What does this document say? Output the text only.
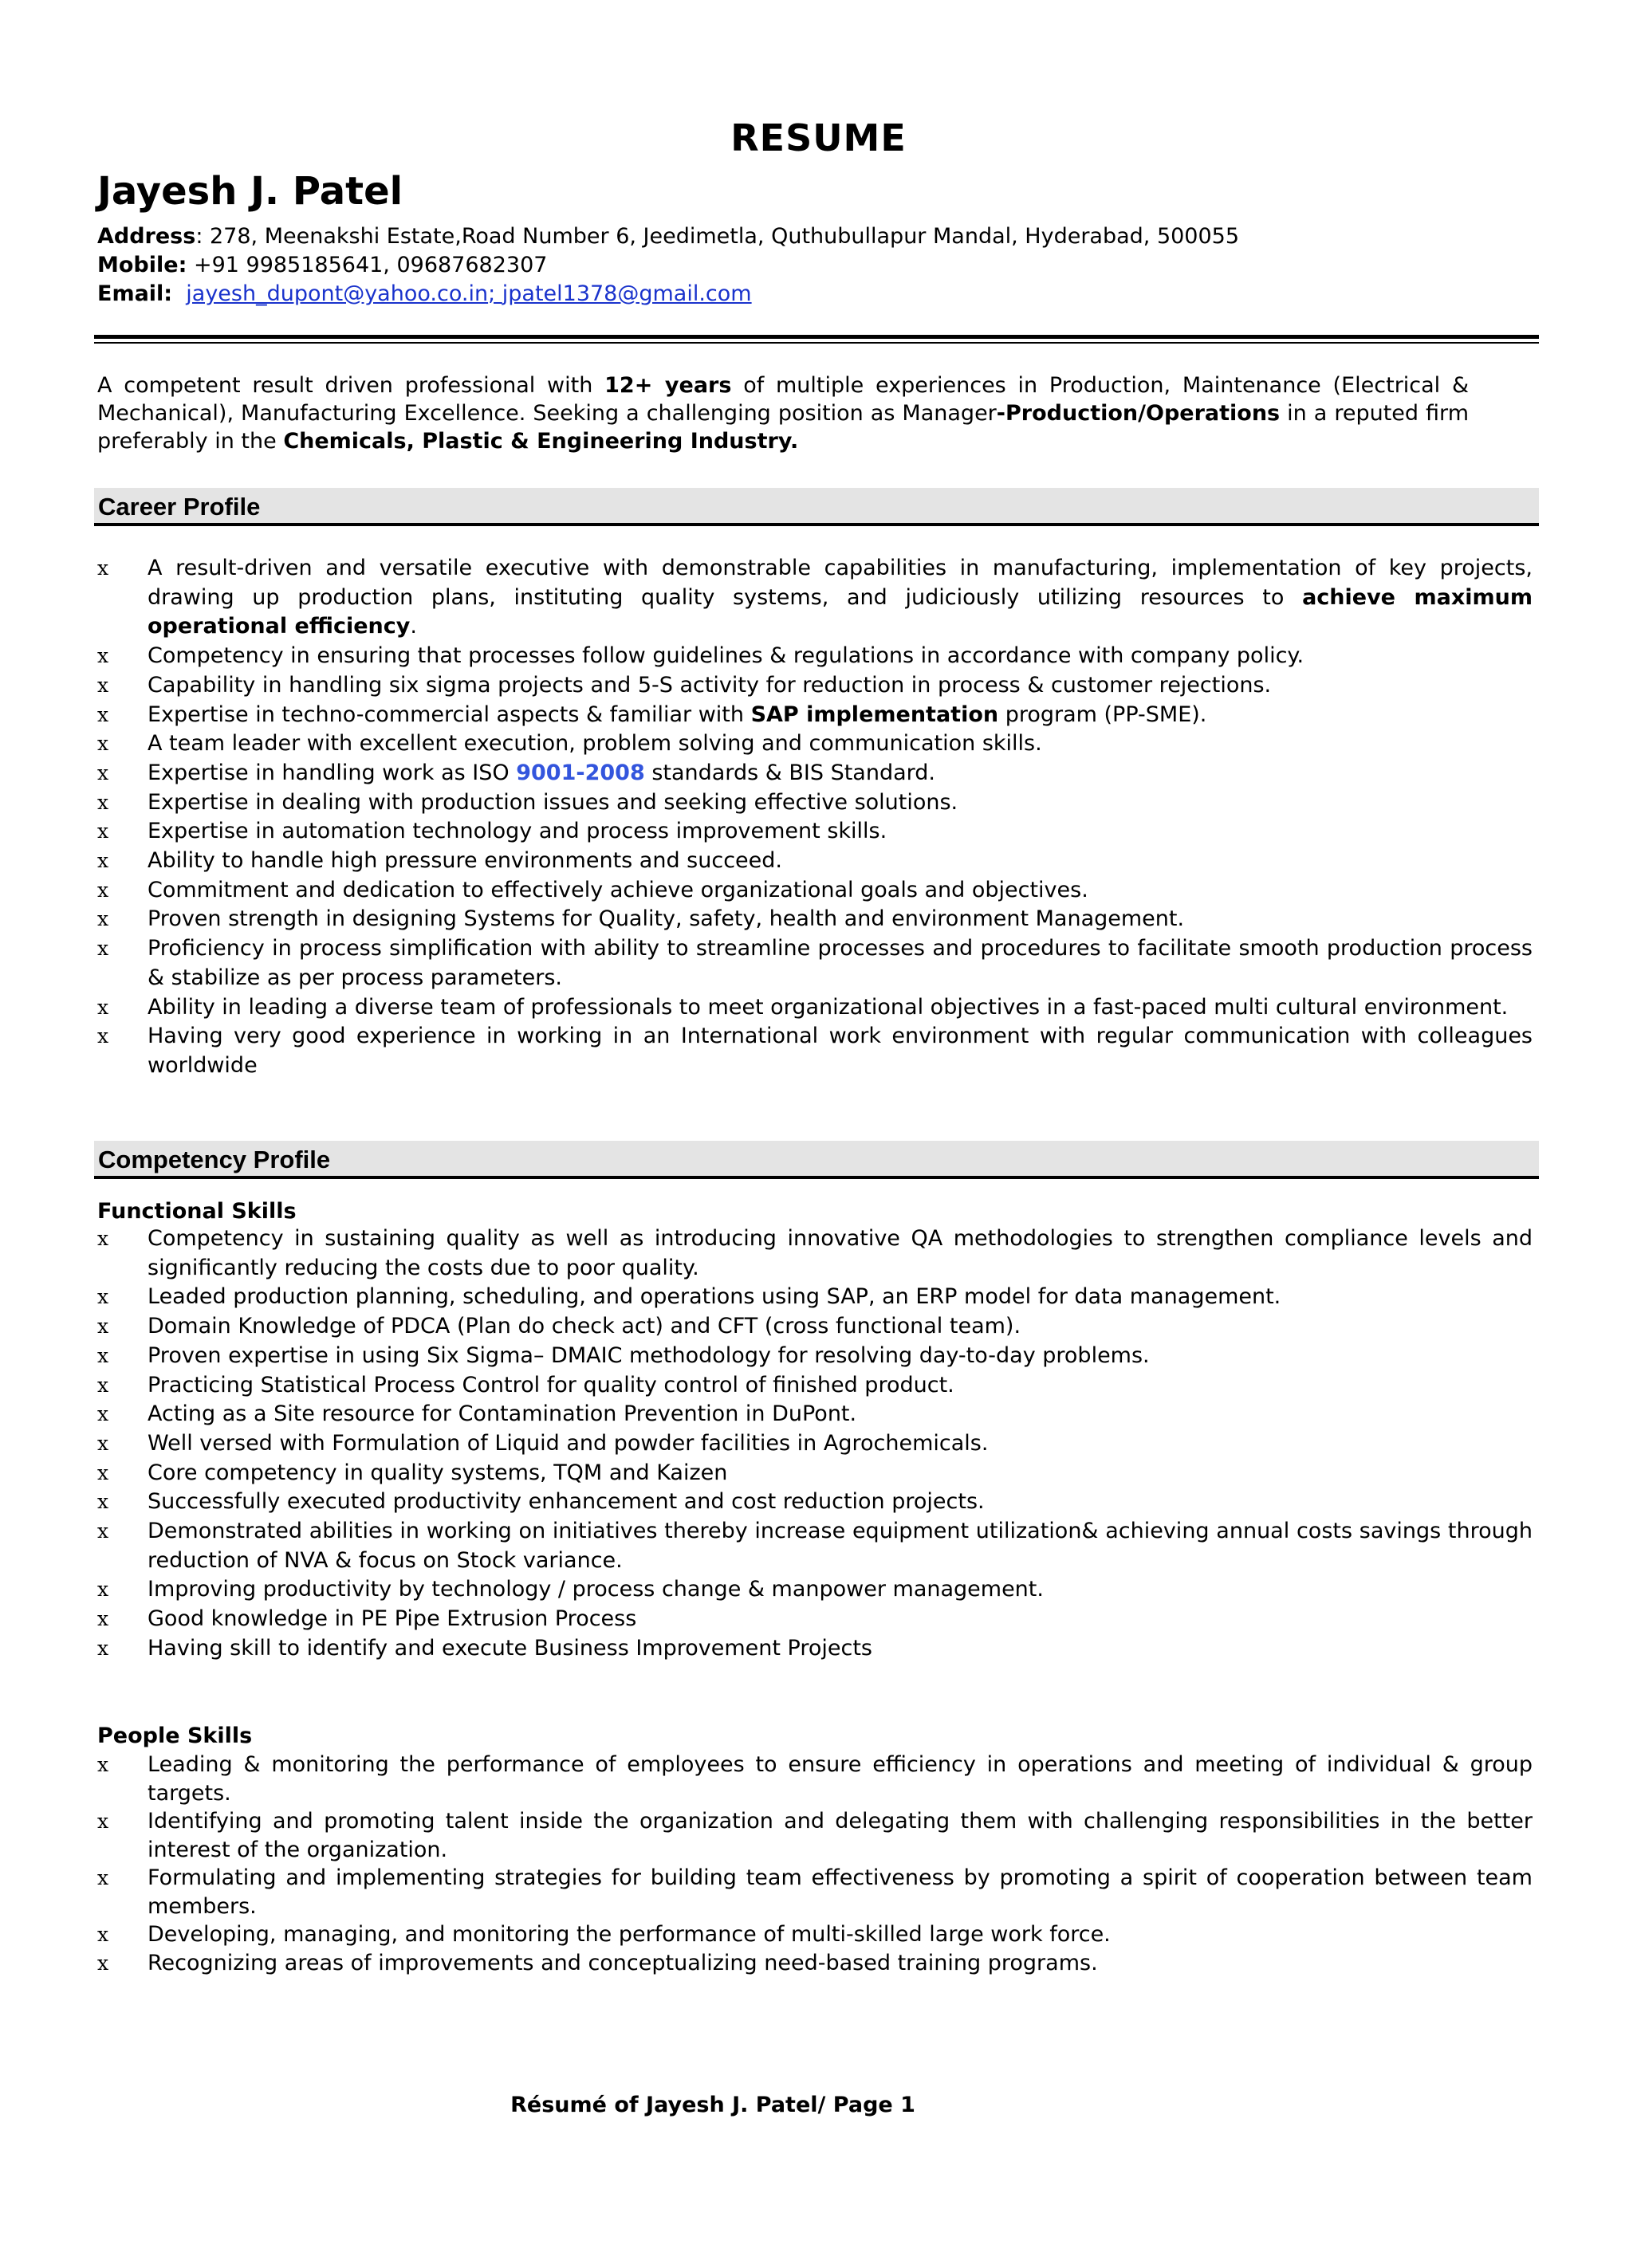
RESUME
Jayesh J. Patel
Address: 278, Meenakshi Estate,Road Number 6, Jeedimetla, Quthubullapur Mandal, Hyderabad, 500055
Mobile: +91 9985185641, 09687682307
Email: jayesh_dupont@yahoo.co.in; jpatel1378@gmail.com
A competent result driven professional with 12+ years of multiple experiences in Production, Maintenance (Electrical & Mechanical), Manufacturing Excellence. Seeking a challenging position as Manager-Production/Operations in a reputed firm preferably in the Chemicals, Plastic & Engineering Industry.
Career Profile
x A result-driven and versatile executive with demonstrable capabilities in manufacturing, implementation of key projects, drawing up production plans, instituting quality systems, and judiciously utilizing resources to achieve maximum operational efficiency.
x Competency in ensuring that processes follow guidelines & regulations in accordance with company policy.
x Capability in handling six sigma projects and 5-S activity for reduction in process & customer rejections.
x Expertise in techno-commercial aspects & familiar with SAP implementation program (PP-SME).
x A team leader with excellent execution, problem solving and communication skills.
x Expertise in handling work as ISO 9001-2008 standards & BIS Standard.
x Expertise in dealing with production issues and seeking effective solutions.
x Expertise in automation technology and process improvement skills.
x Ability to handle high pressure environments and succeed.
x Commitment and dedication to effectively achieve organizational goals and objectives.
x Proven strength in designing Systems for Quality, safety, health and environment Management.
x Proficiency in process simplification with ability to streamline processes and procedures to facilitate smooth production process & stabilize as per process parameters.
x Ability in leading a diverse team of professionals to meet organizational objectives in a fast-paced multi cultural environment.
x Having very good experience in working in an International work environment with regular communication with colleagues worldwide
Competency Profile
Functional Skills
x Competency in sustaining quality as well as introducing innovative QA methodologies to strengthen compliance levels and significantly reducing the costs due to poor quality.
x Leaded production planning, scheduling, and operations using SAP, an ERP model for data management.
x Domain Knowledge of PDCA (Plan do check act) and CFT (cross functional team).
x Proven expertise in using Six Sigma– DMAIC methodology for resolving day-to-day problems.
x Practicing Statistical Process Control for quality control of finished product.
x Acting as a Site resource for Contamination Prevention in DuPont.
x Well versed with Formulation of Liquid and powder facilities in Agrochemicals.
x Core competency in quality systems, TQM and Kaizen
x Successfully executed productivity enhancement and cost reduction projects.
x Demonstrated abilities in working on initiatives thereby increase equipment utilization& achieving annual costs savings through reduction of NVA & focus on Stock variance.
x Improving productivity by technology / process change & manpower management.
x Good knowledge in PE Pipe Extrusion Process
x Having skill to identify and execute Business Improvement Projects
People Skills
x Leading & monitoring the performance of employees to ensure efficiency in operations and meeting of individual & group targets.
x Identifying and promoting talent inside the organization and delegating them with challenging responsibilities in the better interest of the organization.
x Formulating and implementing strategies for building team effectiveness by promoting a spirit of cooperation between team members.
x Developing, managing, and monitoring the performance of multi-skilled large work force.
x Recognizing areas of improvements and conceptualizing need-based training programs.
Résumé of Jayesh J. Patel/ Page 1
